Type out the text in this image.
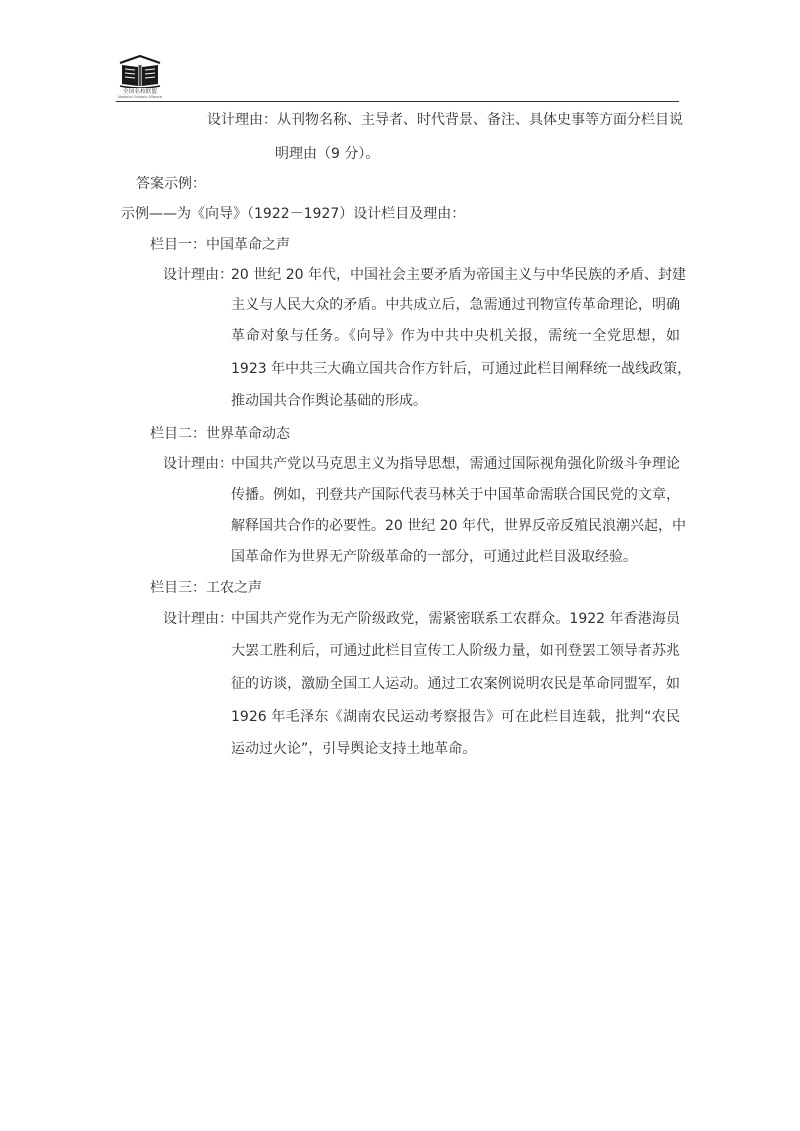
全国名校联盟
National Schools Alliance
设计理由：从刊物名称、主导者、时代背景、备注、具体史事等方面分栏目说
明理由（9 分）。
答案示例：
示例——为《向导》（1922－1927）设计栏目及理由：
栏目一：中国革命之声
设计理由：
20 世纪 20 年代，中国社会主要矛盾为帝国主义与中华民族的矛盾、封建
主义与人民大众的矛盾。中共成立后，急需通过刊物宣传革命理论，明确
革命对象与任务。《向导》作为中共中央机关报，需统一全党思想，如
1923 年中共三大确立国共合作方针后，可通过此栏目阐释统一战线政策，
推动国共合作舆论基础的形成。
栏目二：世界革命动态
设计理由：
中国共产党以马克思主义为指导思想，需通过国际视角强化阶级斗争理论
传播。例如，刊登共产国际代表马林关于中国革命需联合国民党的文章，
解释国共合作的必要性。20 世纪 20 年代，世界反帝反殖民浪潮兴起，中
国革命作为世界无产阶级革命的一部分，可通过此栏目汲取经验。
栏目三：工农之声
设计理由：
中国共产党作为无产阶级政党，需紧密联系工农群众。1922 年香港海员
大罢工胜利后，可通过此栏目宣传工人阶级力量，如刊登罢工领导者苏兆
征的访谈，激励全国工人运动。通过工农案例说明农民是革命同盟军，如
1926 年毛泽东《湖南农民运动考察报告》可在此栏目连载，批判“农民
运动过火论”，引导舆论支持土地革命。
